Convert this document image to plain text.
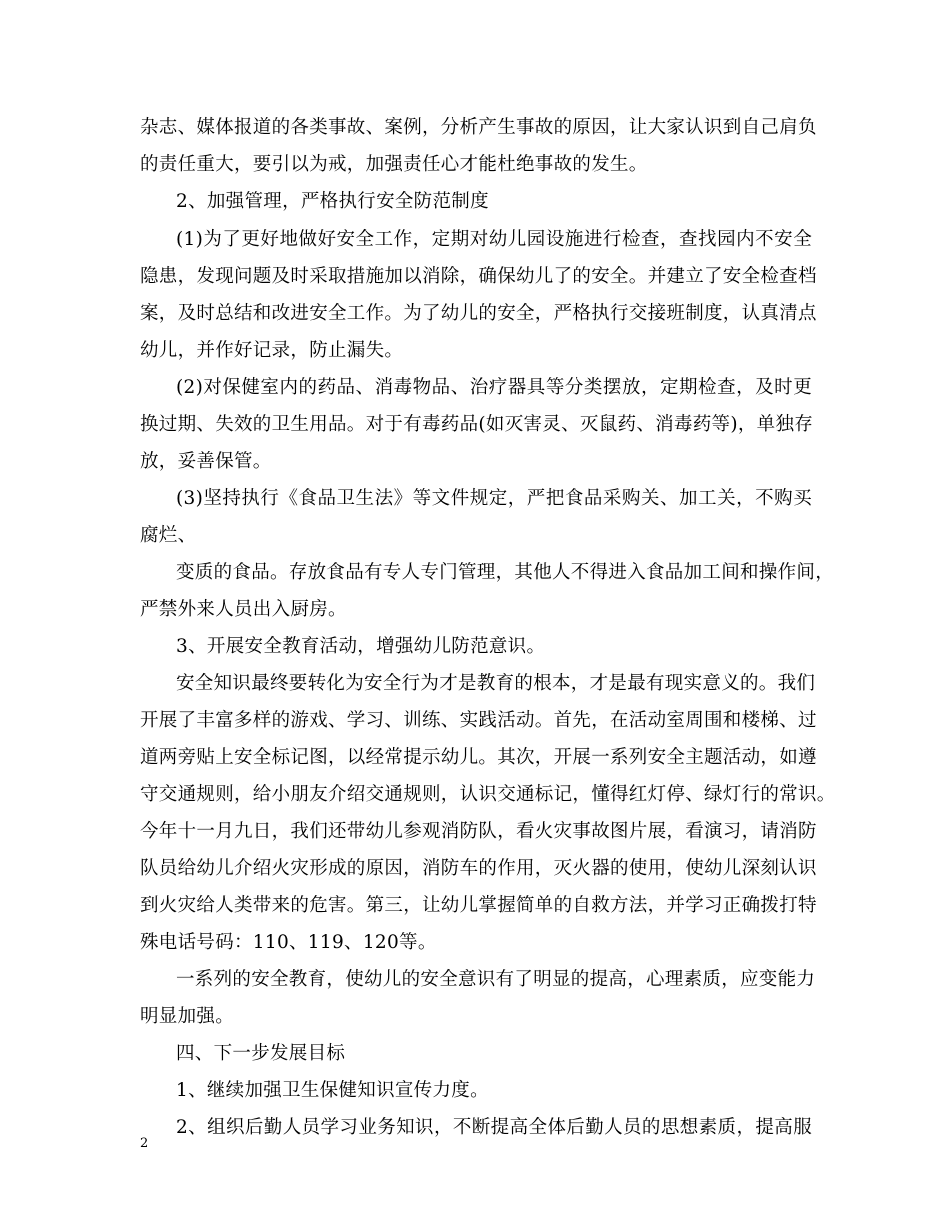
杂志、媒体报道的各类事故、案例，分析产生事故的原因，让大家认识到自己肩负
的责任重大，要引以为戒，加强责任心才能杜绝事故的发生。
2、加强管理，严格执行安全防范制度
(1)为了更好地做好安全工作，定期对幼儿园设施进行检查，查找园内不安全
隐患，发现问题及时采取措施加以消除，确保幼儿了的安全。并建立了安全检查档
案，及时总结和改进安全工作。为了幼儿的安全，严格执行交接班制度，认真清点
幼儿，并作好记录，防止漏失。
(2)对保健室内的药品、消毒物品、治疗器具等分类摆放，定期检查，及时更
换过期、失效的卫生用品。对于有毒药品(如灭害灵、灭鼠药、消毒药等)，单独存
放，妥善保管。
(3)坚持执行《食品卫生法》等文件规定，严把食品采购关、加工关，不购买
腐烂、
变质的食品。存放食品有专人专门管理，其他人不得进入食品加工间和操作间，
严禁外来人员出入厨房。
3、开展安全教育活动，增强幼儿防范意识。
安全知识最终要转化为安全行为才是教育的根本，才是最有现实意义的。我们
开展了丰富多样的游戏、学习、训练、实践活动。首先，在活动室周围和楼梯、过
道两旁贴上安全标记图，以经常提示幼儿。其次，开展一系列安全主题活动，如遵
守交通规则，给小朋友介绍交通规则，认识交通标记，懂得红灯停、绿灯行的常识。
今年十一月九日，我们还带幼儿参观消防队，看火灾事故图片展，看演习，请消防
队员给幼儿介绍火灾形成的原因，消防车的作用，灭火器的使用，使幼儿深刻认识
到火灾给人类带来的危害。第三，让幼儿掌握简单的自救方法，并学习正确拨打特
殊电话号码：110、119、120等。
一系列的安全教育，使幼儿的安全意识有了明显的提高，心理素质，应变能力
明显加强。
四、下一步发展目标
1、继续加强卫生保健知识宣传力度。
2、组织后勤人员学习业务知识，不断提高全体后勤人员的思想素质，提高服
2
